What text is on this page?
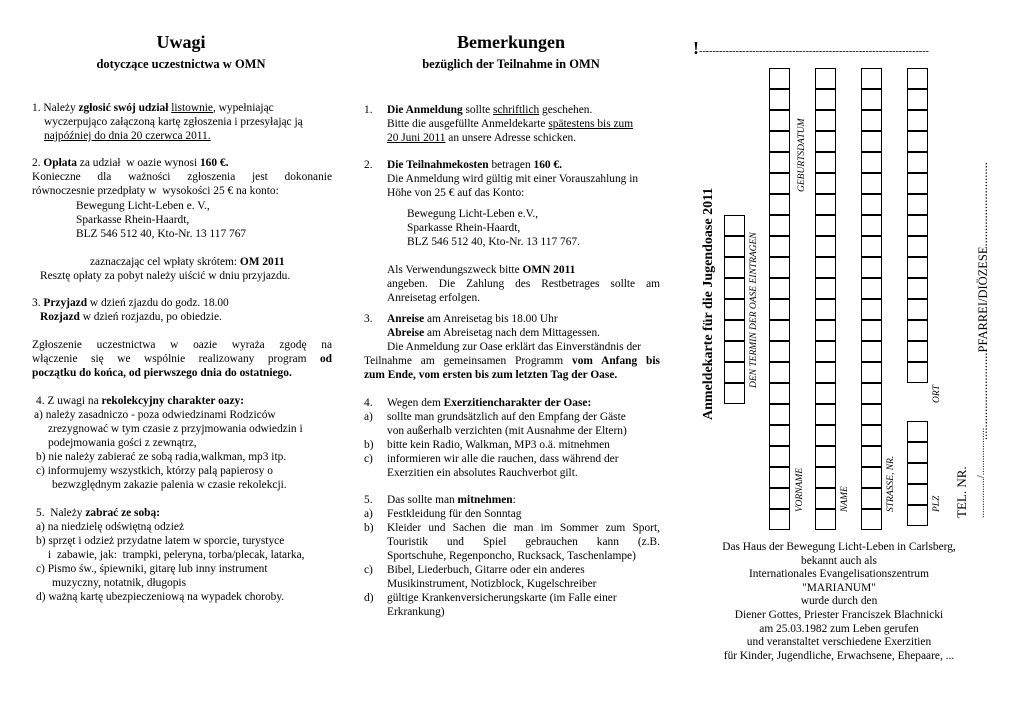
Uwagi
dotyczące uczestnictwa w OMN
1. Należy zgłosić swój udział listownie, wypełniając
wyczerpująco załączoną kartę zgłoszenia i przesyłając ją
najpóźniej do dnia 20 czerwca 2011.
2. Opłata za udział  w oazie wynosi 160 €.
Konieczne dla ważności zgłoszenia jest dokonanie
równoczesnie przedpłaty w  wysokości 25 € na konto:
Bewegung Licht-Leben e. V.,
Sparkasse Rhein-Haardt,
BLZ 546 512 40, Kto-Nr. 13 117 767
zaznaczając cel wpłaty skrótem: OM 2011
Resztę opłaty za pobyt należy uiścić w dniu przyjazdu.
3. Przyjazd w dzień zjazdu do godz. 18.00
Rozjazd w dzień rozjazdu, po obiedzie.
Zgłoszenie uczestnictwa w oazie wyraża zgodę na
włączenie się we wspólnie realizowany program od
początku do końca, od pierwszego dnia do ostatniego.
4. Z uwagi na rekolekcyjny charakter oazy:
a) należy zasadniczo - poza odwiedzinami Rodziców
zrezygnować w tym czasie z przyjmowania odwiedzin i
podejmowania gości z zewnątrz,
b) nie należy zabierać ze sobą radia,walkman, mp3 itp.
c) informujemy wszystkich, którzy palą papierosy o
bezwzględnym zakazie palenia w czasie rekolekcji.
5.  Należy zabrać ze sobą:
a) na niedzielę odświętną odzież
b) sprzęt i odzież przydatne latem w sporcie, turystyce
i  zabawie, jak:  trampki, peleryna, torba/plecak, latarka,
c) Pismo św., śpiewniki, gitarę lub inny instrument
muzyczny, notatnik, długopis
d) ważną kartę ubezpieczeniową na wypadek choroby.
Bemerkungen
bezüglich der Teilnahme in OMN
1. Die Anmeldung sollte schriftlich geschehen.
Bitte die ausgefüllte Anmeldekarte spätestens bis zum
20 Juni 2011 an unsere Adresse schicken.
2. Die Teilnahmekosten betragen 160 €.
Die Anmeldung wird gültig mit einer Vorauszahlung in
Höhe von 25 € auf das Konto:
Bewegung Licht-Leben e.V.,
Sparkasse Rhein-Haardt,
BLZ 546 512 40, Kto-Nr. 13 117 767.
Als Verwendungszweck bitte OMN 2011
angeben. Die Zahlung des Restbetrages sollte am
Anreisetag erfolgen.
3. Anreise am Anreisetag bis 18.00 Uhr
Abreise am Abreisetag nach dem Mittagessen.
Die Anmeldung zur Oase erklärt das Einverständnis der
Teilnahme am gemeinsamen Programm vom Anfang bis
zum Ende, vom ersten bis zum letzten Tag der Oase.
4. Wegen dem Exerzitiencharakter der Oase:
a) sollte man grundsätzlich auf den Empfang der Gäste
von außerhalb verzichten (mit Ausnahme der Eltern)
b) bitte kein Radio, Walkman, MP3 o.ä. mitnehmen
c) informieren wir alle die rauchen, dass während der
Exerzitien ein absolutes Rauchverbot gilt.
5. Das sollte man mitnehmen:
a) Festkleidung für den Sonntag
b) Kleider und Sachen die man im Sommer zum Sport,
Touristik und Spiel gebrauchen kann (z.B.
Sportschuhe, Regenponcho, Rucksack, Taschenlampe)
c) Bibel, Liederbuch, Gitarre oder ein anderes
Musikinstrument, Notizblock, Kugelschreiber
d) gültige Krankenversicherungskarte (im Falle einer
Erkrankung)
!---------------------------------------------------------------------
Anmeldekarte für die Jugendoase 2011	DEN TERMIN DER OASE EINTRAGEN
VORNAME
GEBURTSDATUM
NAME	STRASSE, NR.
ORT
PLZ TEL. NR. ................/...................
............................PFARREI/DIÖZESE...........................
Das Haus der Bewegung Licht-Leben in Carlsberg,
bekannt auch als
Internationales Evangelisationszentrum
"MARIANUM"
wurde durch den
Diener Gottes, Priester Franciszek Blachnicki
am 25.03.1982 zum Leben gerufen
und veranstaltet verschiedene Exerzitien
für Kinder, Jugendliche, Erwachsene, Ehepaare, ...
